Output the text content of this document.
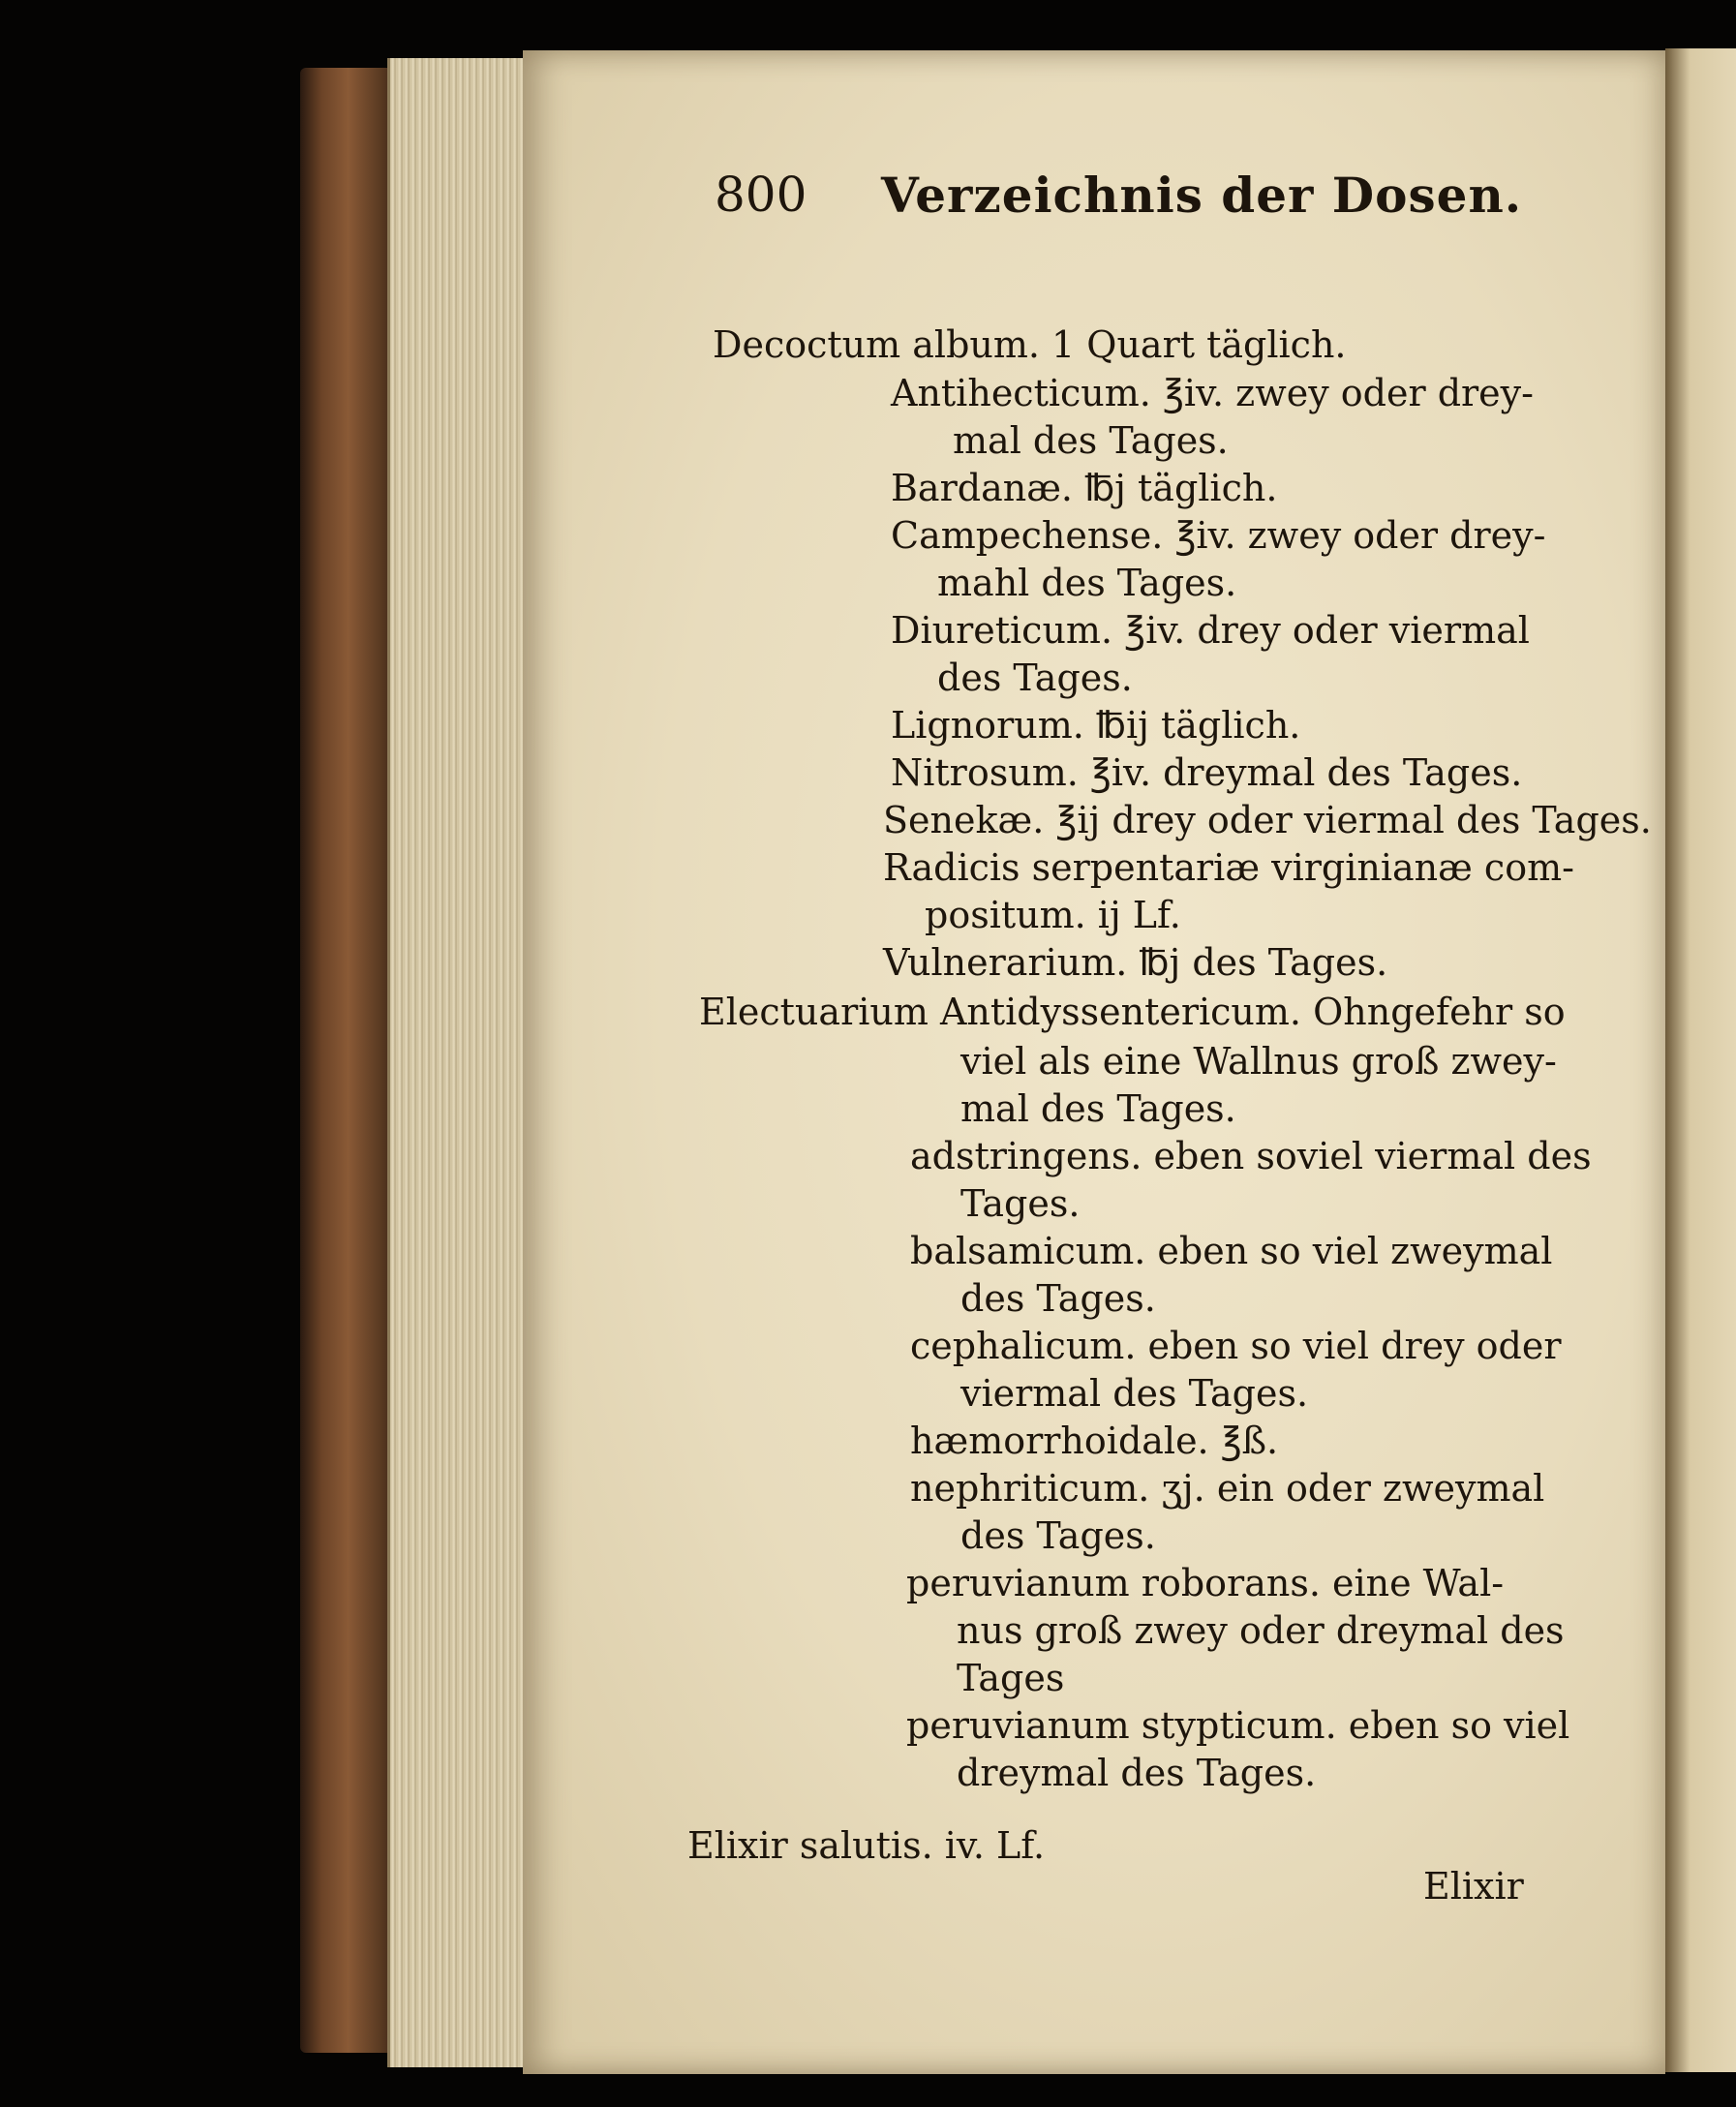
800 Verzeichnis der Dosen.
Decoctum album. 1 Quart täglich.
Antihecticum. ℥iv. zwey oder drey-
mal des Tages.
Bardanæ. ℔j täglich.
Campechense. ℥iv. zwey oder drey-
mahl des Tages.
Diureticum. ℥iv. drey oder viermal
des Tages.
Lignorum. ℔ij täglich.
Nitrosum. ℥iv. dreymal des Tages.
Senekæ. ℥ij drey oder viermal des Tages.
Radicis serpentariæ virginianæ com-
positum. ij Lf.
Vulnerarium. ℔j des Tages.
Electuarium Antidyssentericum. Ohngefehr so
viel als eine Wallnus groß zwey-
mal des Tages.
adstringens. eben soviel viermal des
Tages.
balsamicum. eben so viel zweymal
des Tages.
cephalicum. eben so viel drey oder
viermal des Tages.
hæmorrhoidale. ℥ß.
nephriticum. ʒj. ein oder zweymal
des Tages.
peruvianum roborans. eine Wal-
nus groß zwey oder dreymal des
Tages
peruvianum stypticum. eben so viel
dreymal des Tages.
Elixir salutis. iv. Lf.
Elixir
